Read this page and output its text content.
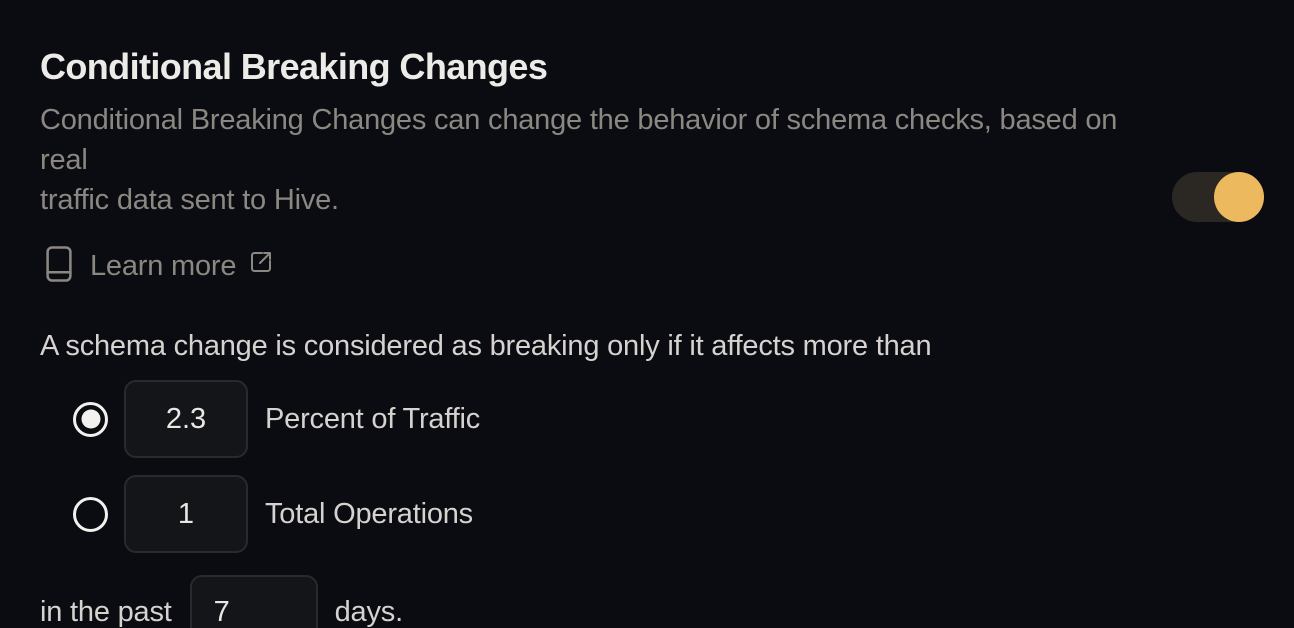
Conditional Breaking Changes
Conditional Breaking Changes can change the behavior of schema checks, based on real
traffic data sent to Hive.
Learn more
A schema change is considered as breaking only if it affects more than
2.3
Percent of Traffic
1
Total Operations
in the past
7	days.
